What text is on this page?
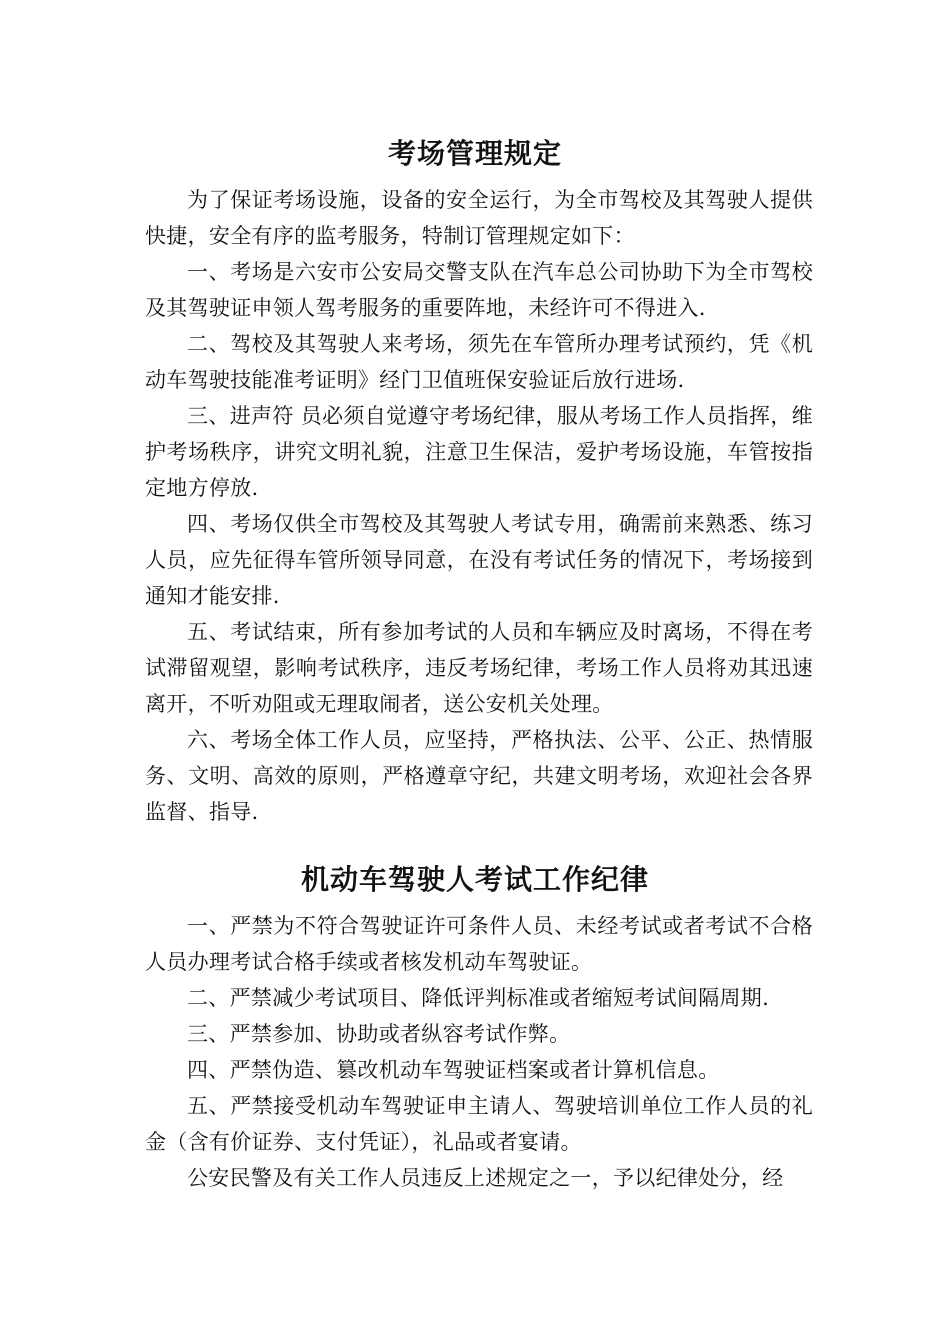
考场管理规定

为了保证考场设施，设备的安全运行，为全市驾校及其驾驶人提供快捷，安全有序的监考服务，特制订管理规定如下：

一、考场是六安市公安局交警支队在汽车总公司协助下为全市驾校及其驾驶证申领人驾考服务的重要阵地，未经许可不得进入.

二、驾校及其驾驶人来考场，须先在车管所办理考试预约，凭《机动车驾驶技能准考证明》经门卫值班保安验证后放行进场.

三、进声符 员必须自觉遵守考场纪律，服从考场工作人员指挥，维护考场秩序，讲究文明礼貌，注意卫生保洁，爱护考场设施，车管按指定地方停放.

四、考场仅供全市驾校及其驾驶人考试专用，确需前来熟悉、练习人员，应先征得车管所领导同意，在没有考试任务的情况下，考场接到通知才能安排.

五、考试结束，所有参加考试的人员和车辆应及时离场，不得在考试滞留观望，影响考试秩序，违反考场纪律，考场工作人员将劝其迅速离开，不听劝阻或无理取闹者，送公安机关处理。

六、考场全体工作人员，应坚持，严格执法、公平、公正、热情服务、文明、高效的原则，严格遵章守纪，共建文明考场，欢迎社会各界监督、指导.

机动车驾驶人考试工作纪律

一、严禁为不符合驾驶证许可条件人员、未经考试或者考试不合格人员办理考试合格手续或者核发机动车驾驶证。

二、严禁减少考试项目、降低评判标准或者缩短考试间隔周期.

三、严禁参加、协助或者纵容考试作弊。

四、严禁伪造、篡改机动车驾驶证档案或者计算机信息。

五、严禁接受机动车驾驶证申主请人、驾驶培训单位工作人员的礼金（含有价证券、支付凭证），礼品或者宴请。

公安民警及有关工作人员违反上述规定之一，予以纪律处分，经
